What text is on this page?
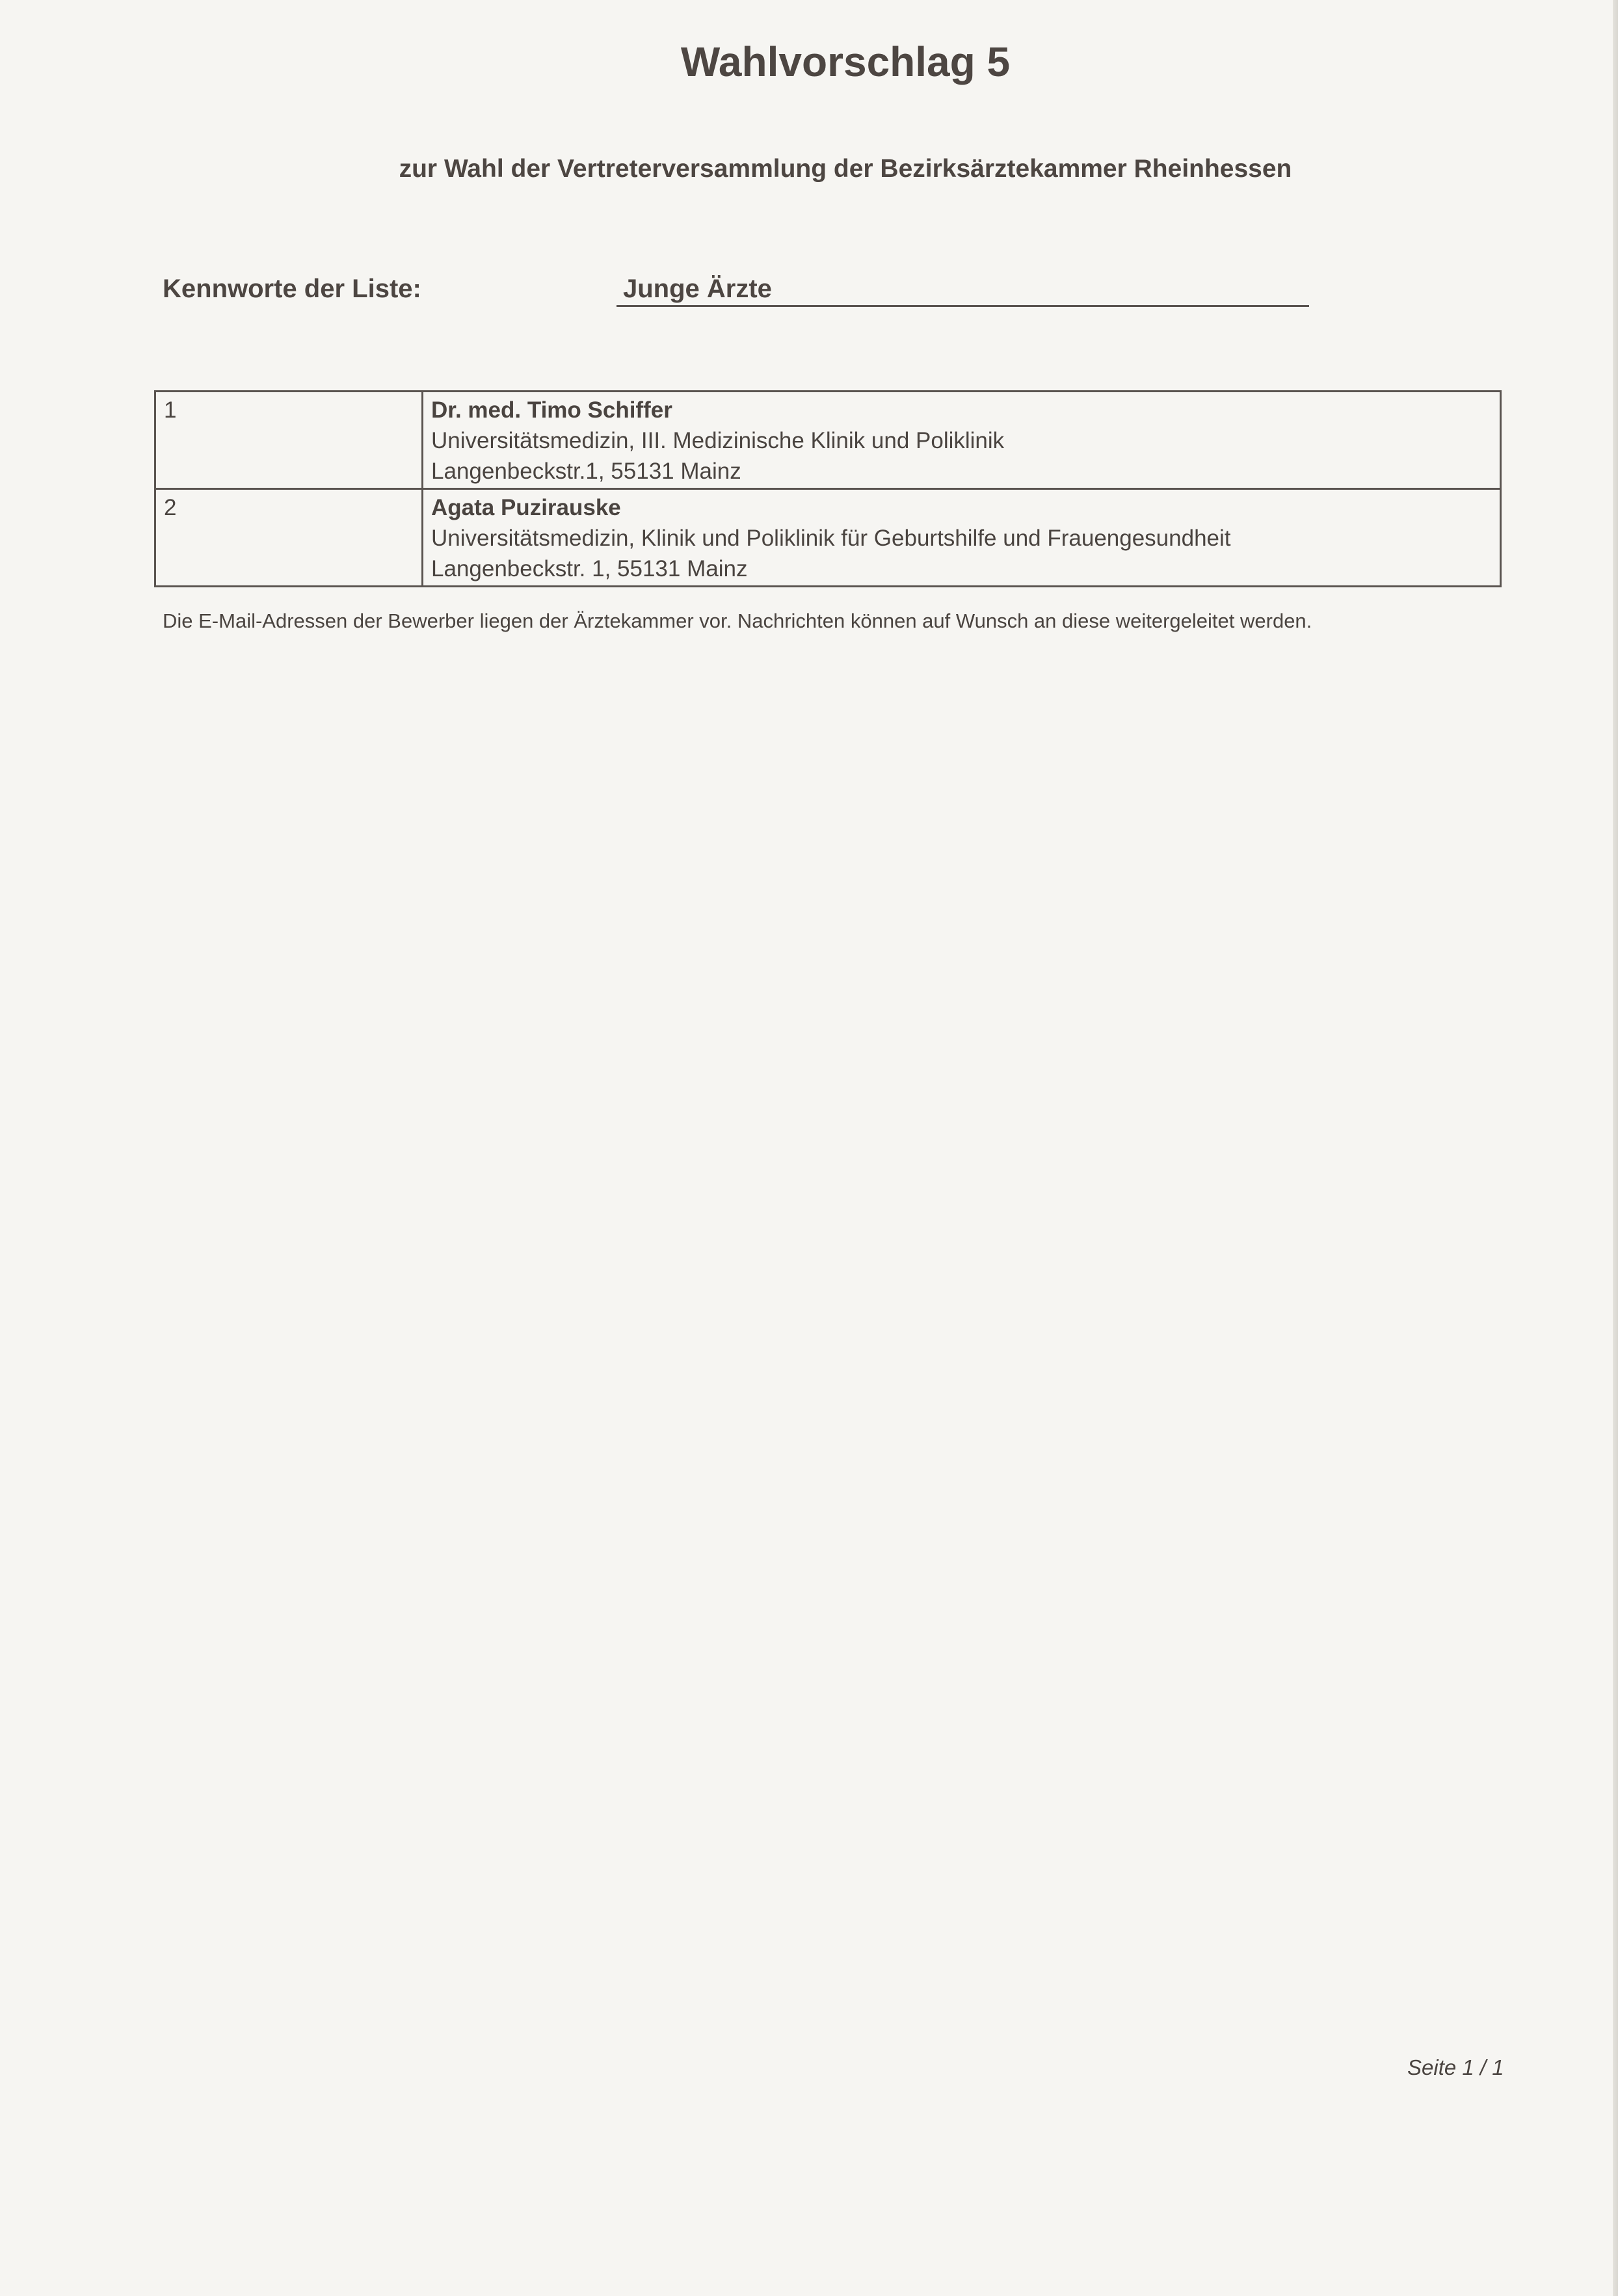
Wahlvorschlag 5
zur Wahl der Vertreterversammlung der Bezirksärztekammer Rheinhessen
Kennworte der Liste:	Junge Ärzte
1	Dr. med. Timo Schiffer
Universitätsmedizin, III. Medizinische Klinik und Poliklinik
Langenbeckstr.1, 55131 Mainz

2	Agata Puzirauske
Universitätsmedizin, Klinik und Poliklinik für Geburtshilfe und Frauengesundheit
Langenbeckstr. 1, 55131 Mainz
Die E-Mail-Adressen der Bewerber liegen der Ärztekammer vor. Nachrichten können auf Wunsch an diese weitergeleitet werden.
Seite 1 / 1
